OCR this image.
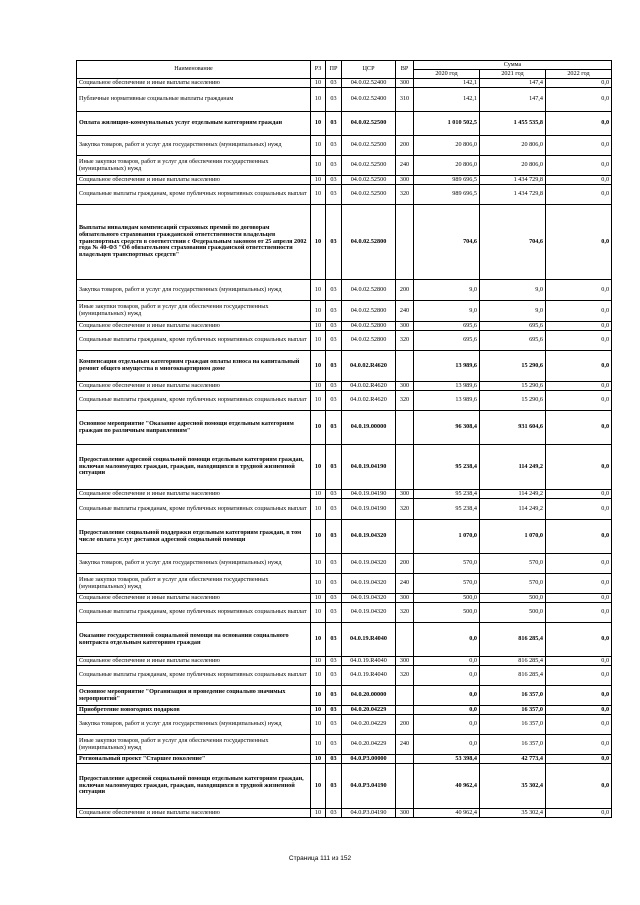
Наименование	РЗ	ПР	ЦСР	ВР	Сумма		
					2020 год	2021 год	2022 год
Социальное обеспечение и иные выплаты населению	10	03	04.0.02.52400	300	142,1	147,4	0,0
Публичные нормативные социальные выплаты гражданам	10	03	04.0.02.52400	310	142,1	147,4	0,0
Оплата жилищно-коммунальных услуг отдельным категориям граждан	10	03	04.0.02.52500		1 010 502,5	1 455 535,8	0,0
Закупка товаров, работ и услуг для государственных (муниципальных) нужд	10	03	04.0.02.52500	200	20 806,0	20 806,0	0,0
Иные закупки товаров, работ и услуг для обеспечения государственных (муниципальных) нужд	10	03	04.0.02.52500	240	20 806,0	20 806,0	0,0
Социальное обеспечение и иные выплаты населению	10	03	04.0.02.52500	300	989 696,5	1 434 729,8	0,0
Социальные выплаты гражданам, кроме публичных нормативных социальных выплат	10	03	04.0.02.52500	320	989 696,5	1 434 729,8	0,0
Выплаты инвалидам компенсаций страховых премий по договорам обязательного страхования гражданской ответственности владельцев транспортных средств в соответствии с Федеральным законом от 25 апреля 2002 года № 40-ФЗ "Об обязательном страховании гражданской ответственности владельцев транспортных средств"	10	03	04.0.02.52800		704,6	704,6	0,0
Закупка товаров, работ и услуг для государственных (муниципальных) нужд	10	03	04.0.02.52800	200	9,0	9,0	0,0
Иные закупки товаров, работ и услуг для обеспечения государственных (муниципальных) нужд	10	03	04.0.02.52800	240	9,0	9,0	0,0
Социальное обеспечение и иные выплаты населению	10	03	04.0.02.52800	300	695,6	695,6	0,0
Социальные выплаты гражданам, кроме публичных нормативных социальных выплат	10	03	04.0.02.52800	320	695,6	695,6	0,0
Компенсация отдельным категориям граждан оплаты взноса на капитальный ремонт общего имущества в многоквартирном доме	10	03	04.0.02.R4620		13 989,6	15 290,6	0,0
Социальное обеспечение и иные выплаты населению	10	03	04.0.02.R4620	300	13 989,6	15 290,6	0,0
Социальные выплаты гражданам, кроме публичных нормативных социальных выплат	10	03	04.0.02.R4620	320	13 989,6	15 290,6	0,0
Основное мероприятие "Оказание адресной помощи отдельным категориям граждан по различным направлениям"	10	03	04.0.19.00000		96 308,4	931 604,6	0,0
Предоставление адресной социальной помощи отдельным категориям граждан, включая малоимущих граждан, граждан, находящихся в трудной жизненной ситуации	10	03	04.0.19.04190		95 238,4	114 249,2	0,0
Социальное обеспечение и иные выплаты населению	10	03	04.0.19.04190	300	95 238,4	114 249,2	0,0
Социальные выплаты гражданам, кроме публичных нормативных социальных выплат	10	03	04.0.19.04190	320	95 238,4	114 249,2	0,0
Предоставление социальной поддержки отдельным категориям граждан, в том числе оплата услуг доставки адресной социальной помощи	10	03	04.0.19.04320		1 070,0	1 070,0	0,0
Закупка товаров, работ и услуг для государственных (муниципальных) нужд	10	03	04.0.19.04320	200	570,0	570,0	0,0
Иные закупки товаров, работ и услуг для обеспечения государственных (муниципальных) нужд	10	03	04.0.19.04320	240	570,0	570,0	0,0
Социальное обеспечение и иные выплаты населению	10	03	04.0.19.04320	300	500,0	500,0	0,0
Социальные выплаты гражданам, кроме публичных нормативных социальных выплат	10	03	04.0.19.04320	320	500,0	500,0	0,0
Оказание государственной социальной помощи на основании социального контракта отдельным категориям граждан	10	03	04.0.19.R4040		0,0	816 285,4	0,0
Социальное обеспечение и иные выплаты населению	10	03	04.0.19.R4040	300	0,0	816 285,4	0,0
Социальные выплаты гражданам, кроме публичных нормативных социальных выплат	10	03	04.0.19.R4040	320	0,0	816 285,4	0,0
Основное мероприятие "Организация и проведение социально значимых мероприятий"	10	03	04.0.20.00000		0,0	16 357,0	0,0
Приобретение новогодних подарков	10	03	04.0.20.04229		0,0	16 357,0	0,0
Закупка товаров, работ и услуг для государственных (муниципальных) нужд	10	03	04.0.20.04229	200	0,0	16 357,0	0,0
Иные закупки товаров, работ и услуг для обеспечения государственных (муниципальных) нужд	10	03	04.0.20.04229	240	0,0	16 357,0	0,0
Региональный проект "Старшее поколение"	10	03	04.0.P3.00000		53 398,4	42 773,4	0,0
Предоставление адресной социальной помощи отдельным категориям граждан, включая малоимущих граждан, граждан, находящихся в трудной жизненной ситуации	10	03	04.0.P3.04190		40 962,4	35 302,4	0,0
Социальное обеспечение и иные выплаты населению	10	03	04.0.P3.04190	300	40 962,4	35 302,4	0,0
Страница 111 из 152
